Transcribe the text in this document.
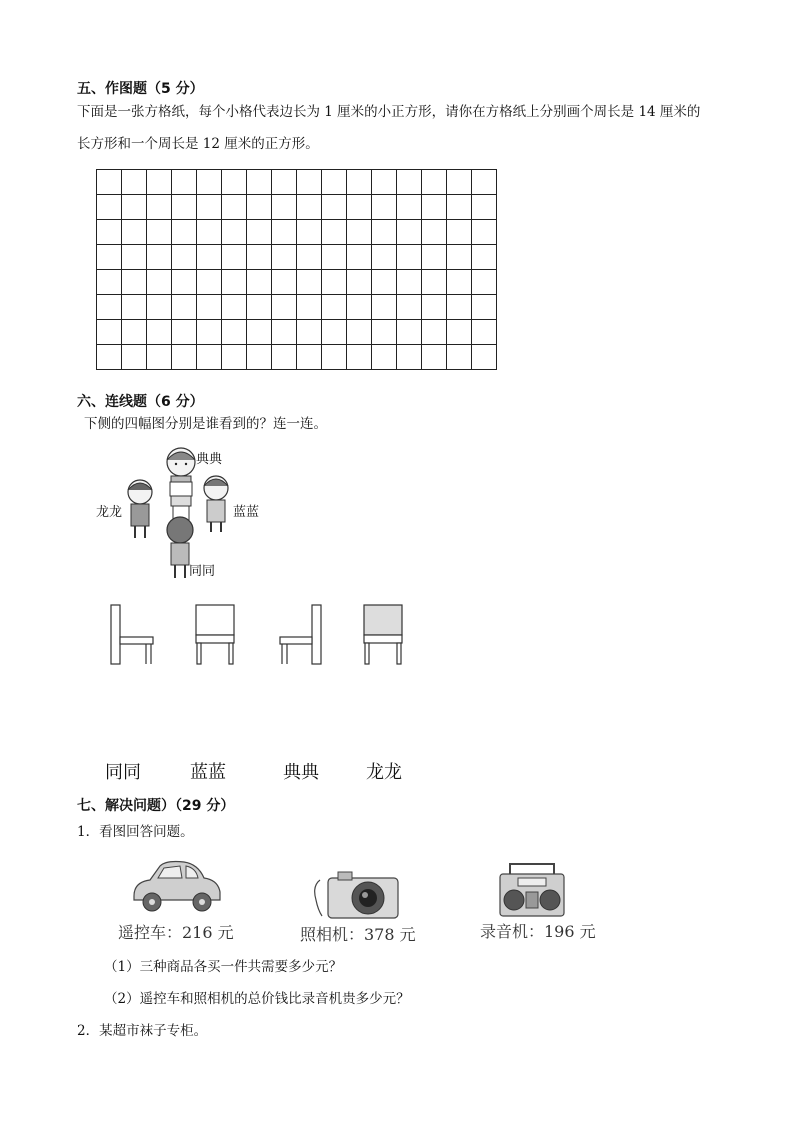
五、作图题（5 分）
下面是一张方格纸，每个小格代表边长为 1 厘米的小正方形，请你在方格纸上分别画个周长是 14 厘米的
长方形和一个周长是 12 厘米的正方形。

六、连线题（6 分）
下侧的四幅图分别是谁看到的？连一连。
典典
龙龙	蓝蓝
同同
同同	蓝蓝	典典	龙龙
七、解决问题）（29 分）
1．看图回答问题。
遥控车：216 元	照相机：378 元	录音机：196 元
（1）三种商品各买一件共需要多少元？
（2）遥控车和照相机的总价钱比录音机贵多少元？
2．某超市袜子专柜。
